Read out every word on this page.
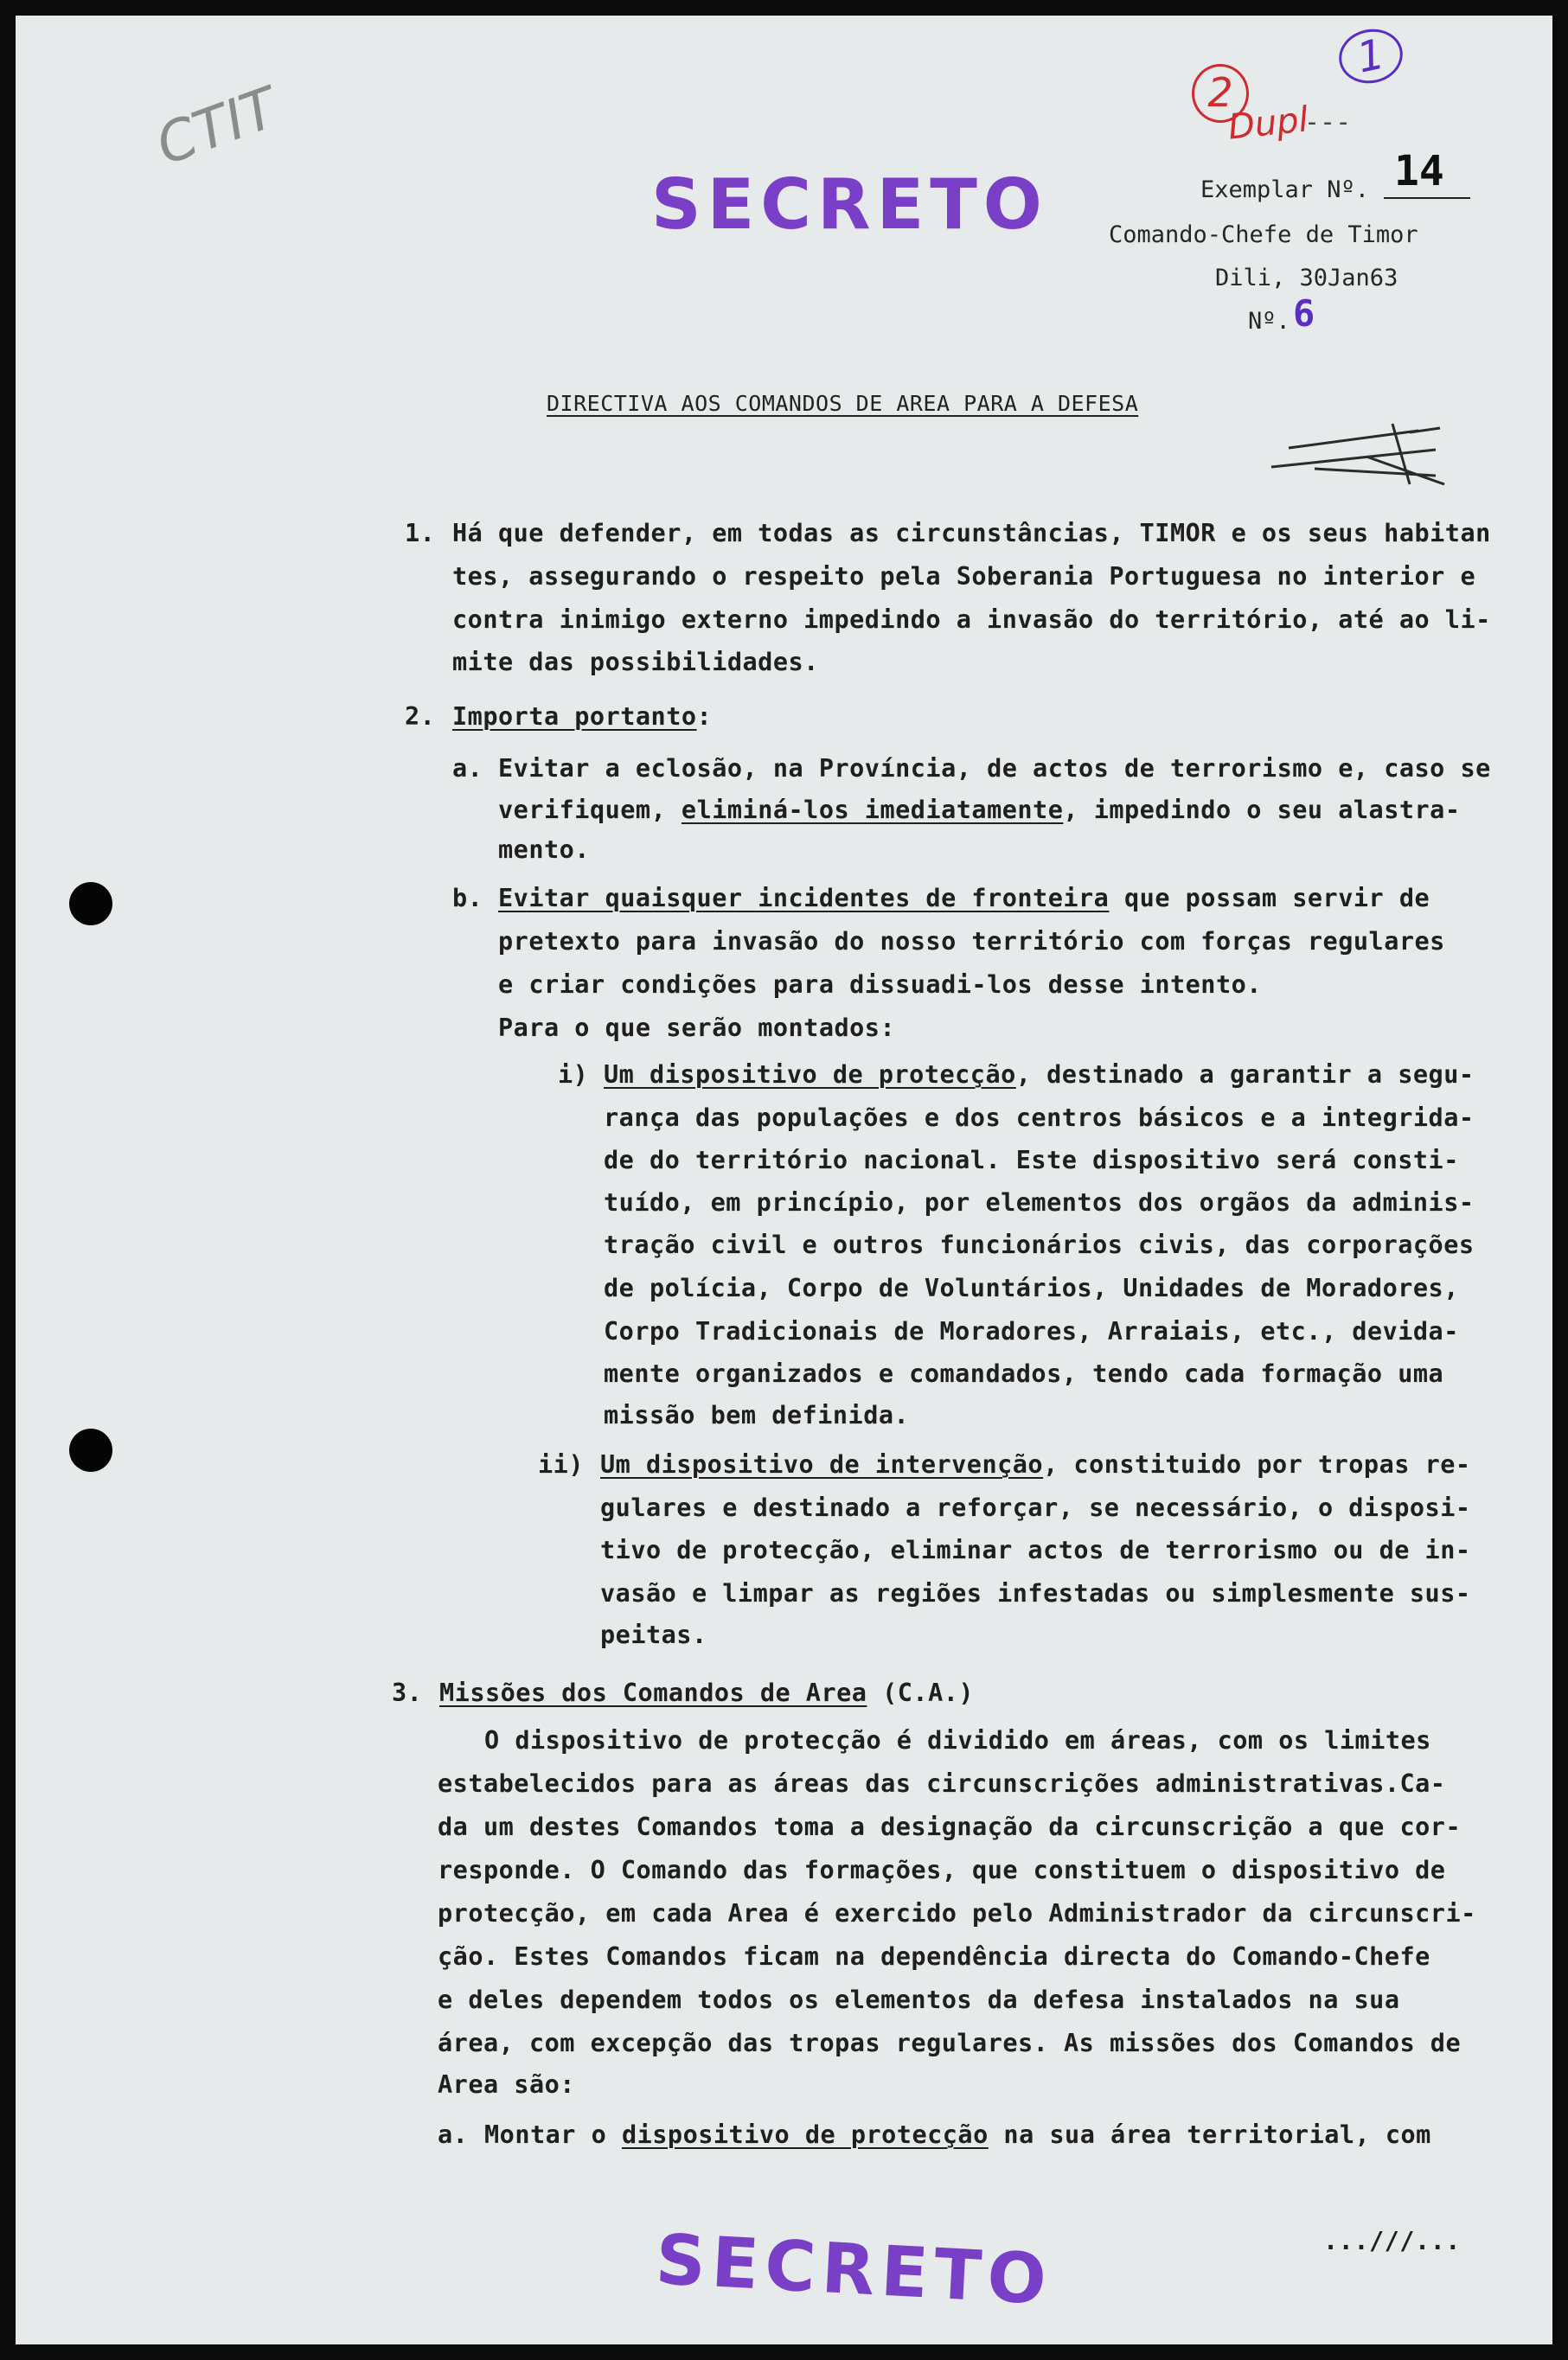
CTIT	2
Dupl
---
1
SECRETO
SECRETO
Exemplar Nº. 14
Comando-Chefe de Timor
Dili, 30Jan63
Nº. 6
DIRECTIVA AOS COMANDOS DE AREA PARA A DEFESA
1. Há que defender, em todas as circunstâncias, TIMOR e os seus habitan
tes, assegurando o respeito pela Soberania Portuguesa no interior e
contra inimigo externo impedindo a invasão do território, até ao li-
mite das possibilidades.
2. Importa portanto:
a. Evitar a eclosão, na Província, de actos de terrorismo e, caso se
verifiquem, eliminá-los imediatamente, impedindo o seu alastra-
mento.
b. Evitar quaisquer incidentes de fronteira que possam servir de
pretexto para invasão do nosso território com forças regulares
e criar condições para dissuadi-los desse intento.
Para o que serão montados:
i) Um dispositivo de protecção, destinado a garantir a segu-
rança das populações e dos centros básicos e a integrida-
de do território nacional. Este dispositivo será consti-
tuído, em princípio, por elementos dos orgãos da adminis-
tração civil e outros funcionários civis, das corporações
de polícia, Corpo de Voluntários, Unidades de Moradores,
Corpo Tradicionais de Moradores, Arraiais, etc., devida-
mente organizados e comandados, tendo cada formação uma
missão bem definida.
ii) Um dispositivo de intervenção, constituido por tropas re-
gulares e destinado a reforçar, se necessário, o disposi-
tivo de protecção, eliminar actos de terrorismo ou de in-
vasão e limpar as regiões infestadas ou simplesmente sus-
peitas.
3. Missões dos Comandos de Area (C.A.)
O dispositivo de protecção é dividido em áreas, com os limites
estabelecidos para as áreas das circunscrições administrativas.Ca-
da um destes Comandos toma a designação da circunscrição a que cor-
responde. O Comando das formações, que constituem o dispositivo de
protecção, em cada Area é exercido pelo Administrador da circunscri-
ção. Estes Comandos ficam na dependência directa do Comando-Chefe
e deles dependem todos os elementos da defesa instalados na sua
área, com excepção das tropas regulares. As missões dos Comandos de
Area são:
a. Montar o dispositivo de protecção na sua área territorial, com
...///...
